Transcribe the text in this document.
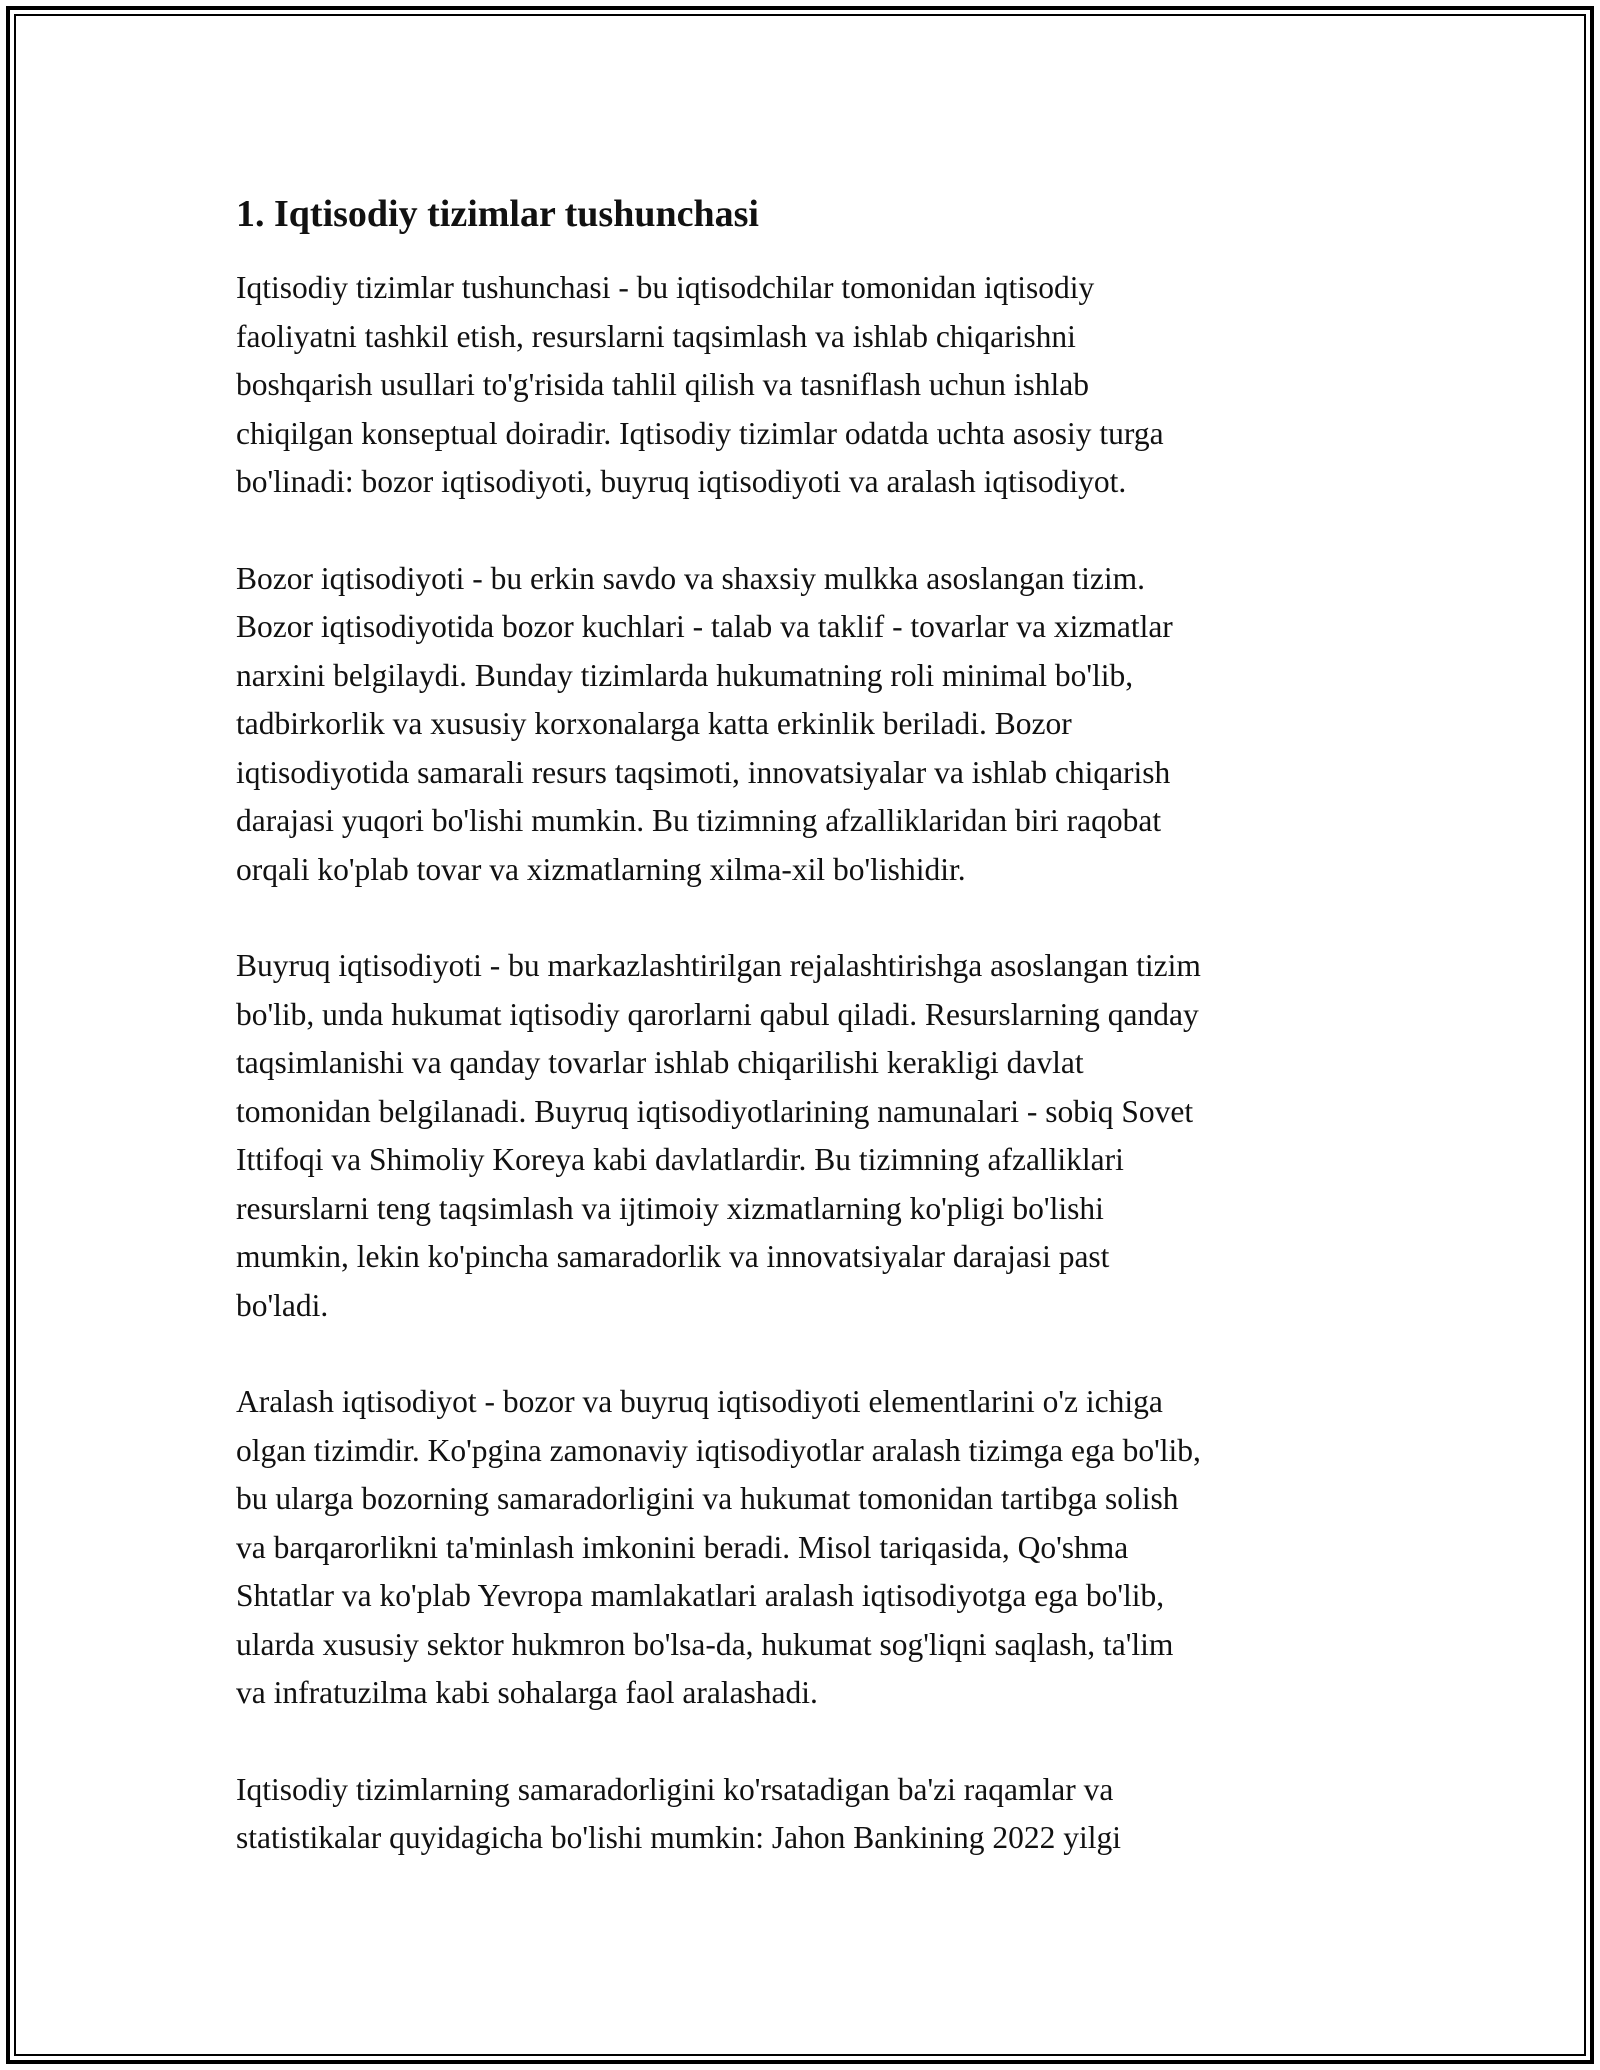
1. Iqtisodiy tizimlar tushunchasi

Iqtisodiy tizimlar tushunchasi - bu iqtisodchilar tomonidan iqtisodiy
faoliyatni tashkil etish, resurslarni taqsimlash va ishlab chiqarishni
boshqarish usullari to'g'risida tahlil qilish va tasniflash uchun ishlab
chiqilgan konseptual doiradir. Iqtisodiy tizimlar odatda uchta asosiy turga
bo'linadi: bozor iqtisodiyoti, buyruq iqtisodiyoti va aralash iqtisodiyot.

Bozor iqtisodiyoti - bu erkin savdo va shaxsiy mulkka asoslangan tizim.
Bozor iqtisodiyotida bozor kuchlari - talab va taklif - tovarlar va xizmatlar
narxini belgilaydi. Bunday tizimlarda hukumatning roli minimal bo'lib,
tadbirkorlik va xususiy korxonalarga katta erkinlik beriladi. Bozor
iqtisodiyotida samarali resurs taqsimoti, innovatsiyalar va ishlab chiqarish
darajasi yuqori bo'lishi mumkin. Bu tizimning afzalliklaridan biri raqobat
orqali ko'plab tovar va xizmatlarning xilma-xil bo'lishidir.

Buyruq iqtisodiyoti - bu markazlashtirilgan rejalashtirishga asoslangan tizim
bo'lib, unda hukumat iqtisodiy qarorlarni qabul qiladi. Resurslarning qanday
taqsimlanishi va qanday tovarlar ishlab chiqarilishi kerakligi davlat
tomonidan belgilanadi. Buyruq iqtisodiyotlarining namunalari - sobiq Sovet
Ittifoqi va Shimoliy Koreya kabi davlatlardir. Bu tizimning afzalliklari
resurslarni teng taqsimlash va ijtimoiy xizmatlarning ko'pligi bo'lishi
mumkin, lekin ko'pincha samaradorlik va innovatsiyalar darajasi past
bo'ladi.

Aralash iqtisodiyot - bozor va buyruq iqtisodiyoti elementlarini o'z ichiga
olgan tizimdir. Ko'pgina zamonaviy iqtisodiyotlar aralash tizimga ega bo'lib,
bu ularga bozorning samaradorligini va hukumat tomonidan tartibga solish
va barqarorlikni ta'minlash imkonini beradi. Misol tariqasida, Qo'shma
Shtatlar va ko'plab Yevropa mamlakatlari aralash iqtisodiyotga ega bo'lib,
ularda xususiy sektor hukmron bo'lsa-da, hukumat sog'liqni saqlash, ta'lim
va infratuzilma kabi sohalarga faol aralashadi.

Iqtisodiy tizimlarning samaradorligini ko'rsatadigan ba'zi raqamlar va
statistikalar quyidagicha bo'lishi mumkin: Jahon Bankining 2022 yilgi
